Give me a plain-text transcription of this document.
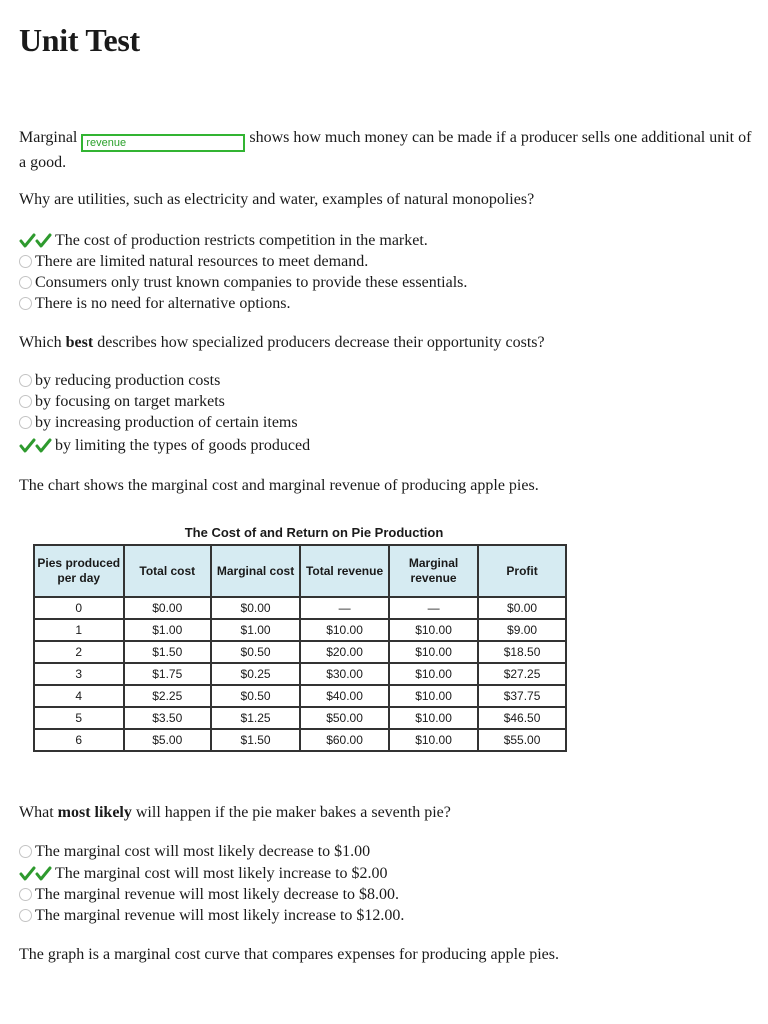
Unit Test

Marginal revenue	shows how much money can be made if a producer sells one additional unit of a good.

Why are utilities, such as electricity and water, examples of natural monopolies?

The cost of production restricts competition in the market.
There are limited natural resources to meet demand.
Consumers only trust known companies to provide these essentials.
There is no need for alternative options.

Which best describes how specialized producers decrease their opportunity costs?

by reducing production costs
by focusing on target markets
by increasing production of certain items
by limiting the types of goods produced

The chart shows the marginal cost and marginal revenue of producing apple pies.

The Cost of and Return on Pie Production
Pies produced per day	Total cost	Marginal cost	Total revenue	Marginal revenue	Profit
0	$0.00	$0.00	—	—	$0.00
1	$1.00	$1.00	$10.00	$10.00	$9.00
2	$1.50	$0.50	$20.00	$10.00	$18.50
3	$1.75	$0.25	$30.00	$10.00	$27.25
4	$2.25	$0.50	$40.00	$10.00	$37.75
5	$3.50	$1.25	$50.00	$10.00	$46.50
6	$5.00	$1.50	$60.00	$10.00	$55.00

What most likely will happen if the pie maker bakes a seventh pie?

The marginal cost will most likely decrease to $1.00
The marginal cost will most likely increase to $2.00
The marginal revenue will most likely decrease to $8.00.
The marginal revenue will most likely increase to $12.00.

The graph is a marginal cost curve that compares expenses for producing apple pies.
